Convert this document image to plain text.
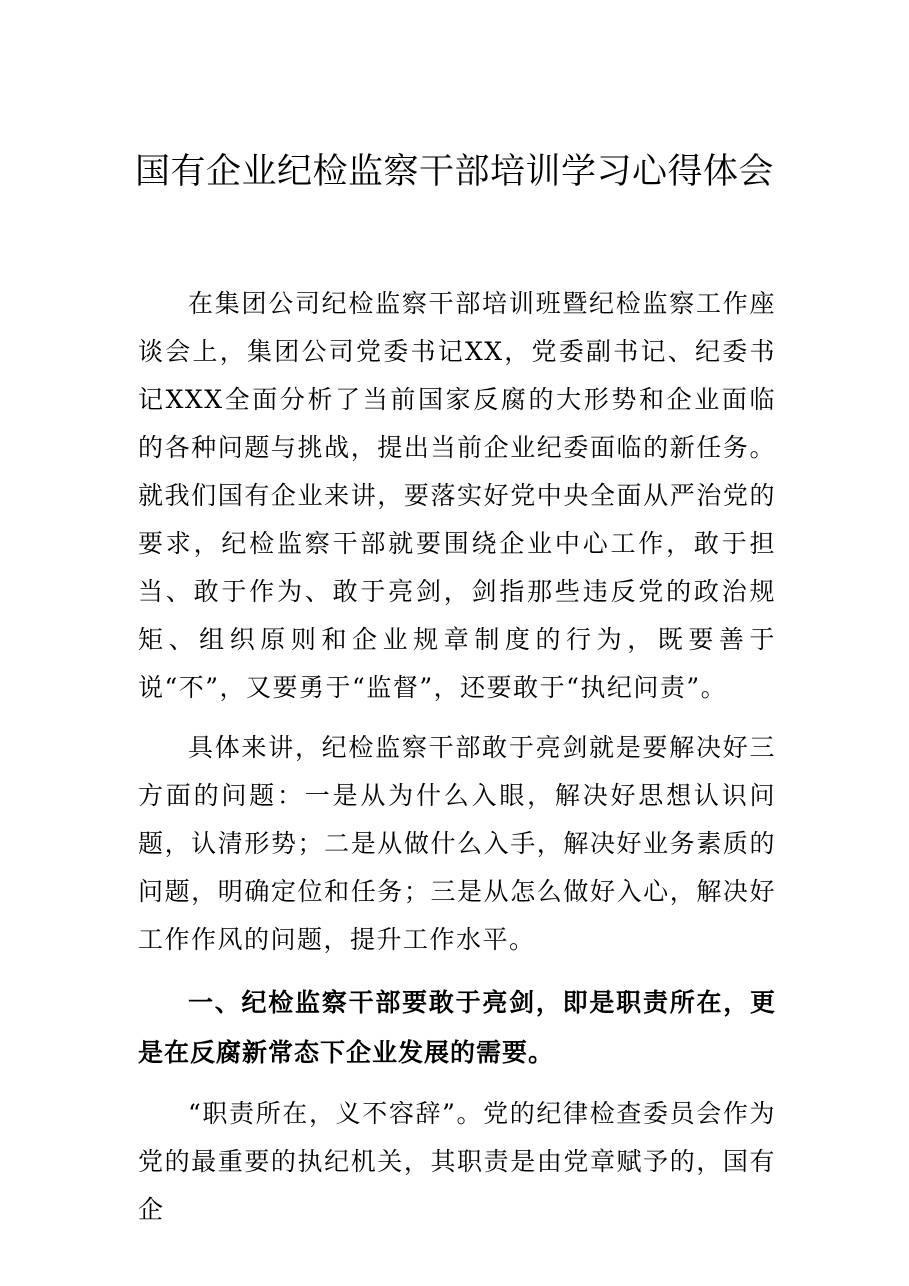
国有企业纪检监察干部培训学习心得体会

在集团公司纪检监察干部培训班暨纪检监察工作座谈会上，集团公司党委书记XX，党委副书记、纪委书记XXX全面分析了当前国家反腐的大形势和企业面临的各种问题与挑战，提出当前企业纪委面临的新任务。就我们国有企业来讲，要落实好党中央全面从严治党的要求，纪检监察干部就要围绕企业中心工作，敢于担当、敢于作为、敢于亮剑，剑指那些违反党的政治规矩、组织原则和企业规章制度的行为，既要善于说“不”，又要勇于“监督”，还要敢于“执纪问责”。

具体来讲，纪检监察干部敢于亮剑就是要解决好三方面的问题：一是从为什么入眼，解决好思想认识问题，认清形势；二是从做什么入手，解决好业务素质的问题，明确定位和任务；三是从怎么做好入心，解决好工作作风的问题，提升工作水平。

一、纪检监察干部要敢于亮剑，即是职责所在，更是在反腐新常态下企业发展的需要。

“职责所在，义不容辞”。党的纪律检查委员会作为党的最重要的执纪机关，其职责是由党章赋予的，国有企
